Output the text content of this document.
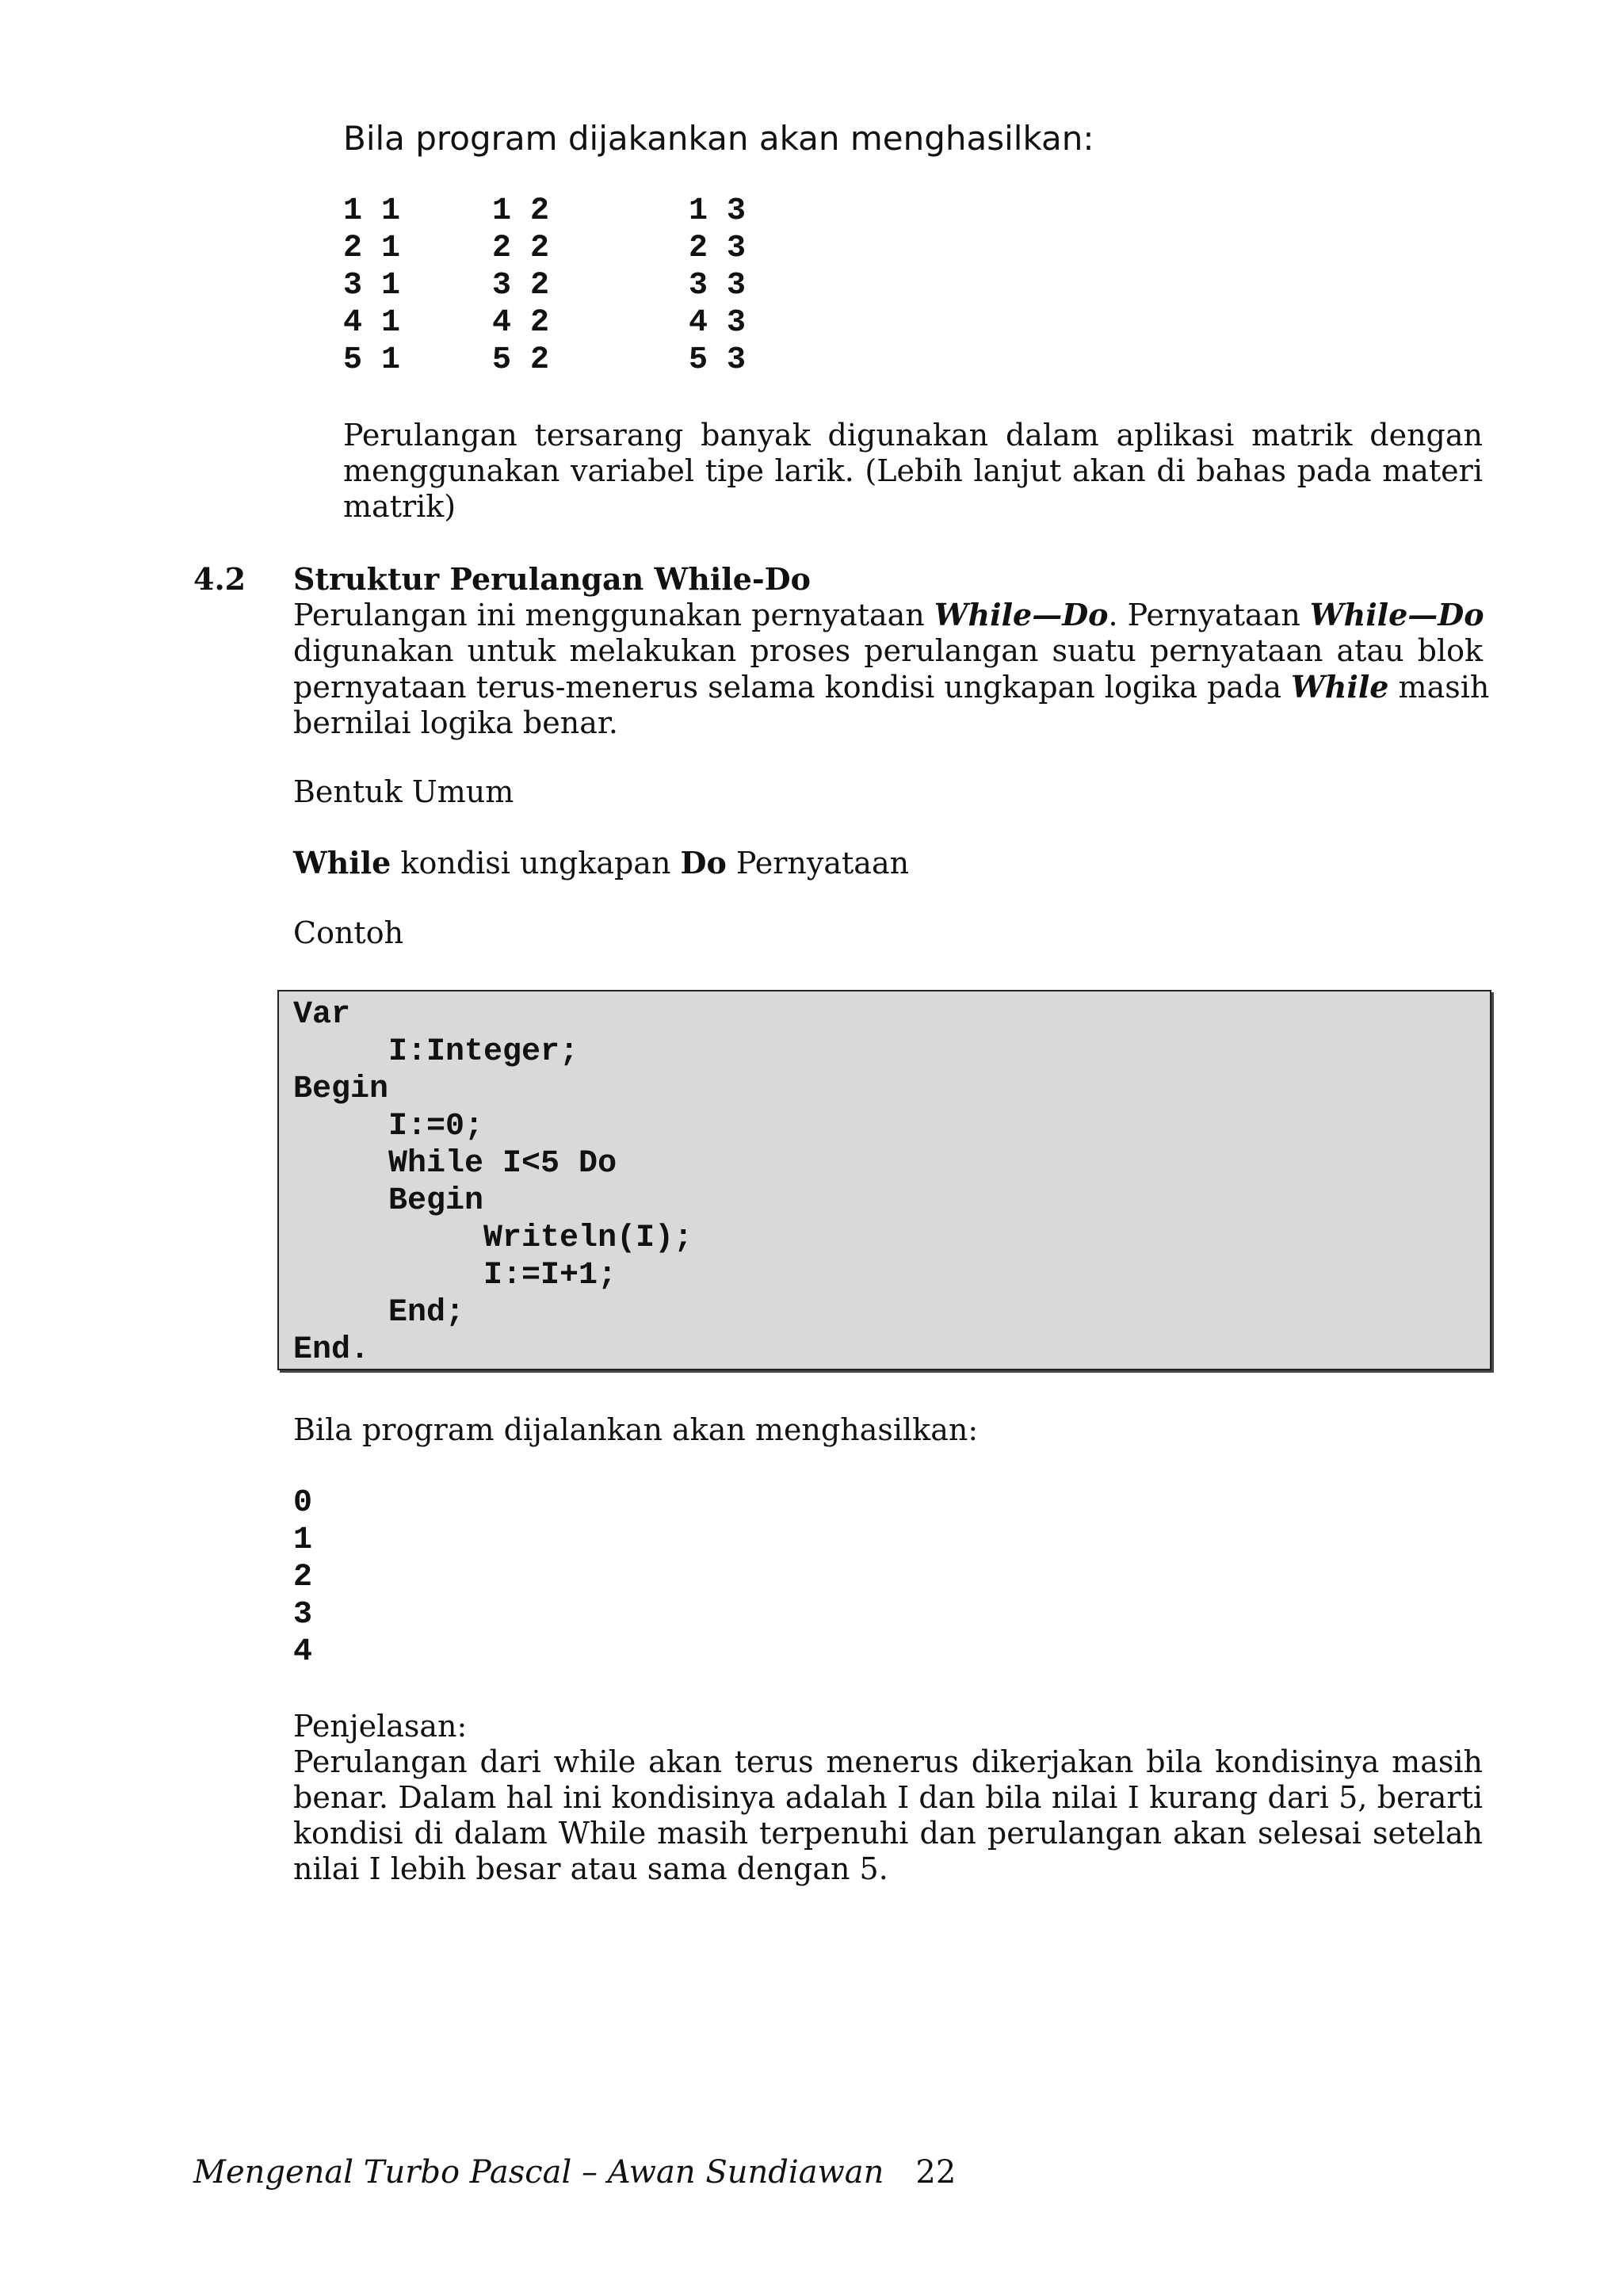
Bila program dijakankan akan menghasilkan:
1 1
2 1
3 1
4 1
5 1
1 2
2 2
3 2
4 2
5 2
1 3
2 3
3 3
4 3
5 3
Perulangan tersarang banyak digunakan dalam aplikasi matrik dengan
menggunakan variabel tipe larik. (Lebih lanjut akan di bahas pada materi
matrik)
4.2 Struktur Perulangan While-Do
Perulangan ini menggunakan pernyataan While—Do. Pernyataan While—Do
digunakan untuk melakukan proses perulangan suatu pernyataan atau blok
pernyataan terus-menerus selama kondisi ungkapan logika pada While masih
bernilai logika benar.
Bentuk Umum
While kondisi ungkapan Do Pernyataan
Contoh
Var
I:Integer;
Begin
I:=0;
While I<5 Do
Begin
Writeln(I);
I:=I+1;
End;
End.
Bila program dijalankan akan menghasilkan:
0
1
2
3
4
Penjelasan:
Perulangan dari while akan terus menerus dikerjakan bila kondisinya masih
benar. Dalam hal ini kondisinya adalah I dan bila nilai I kurang dari 5, berarti
kondisi di dalam While masih terpenuhi dan perulangan akan selesai setelah
nilai I lebih besar atau sama dengan 5.
Mengenal Turbo Pascal – Awan Sundiawan 22
